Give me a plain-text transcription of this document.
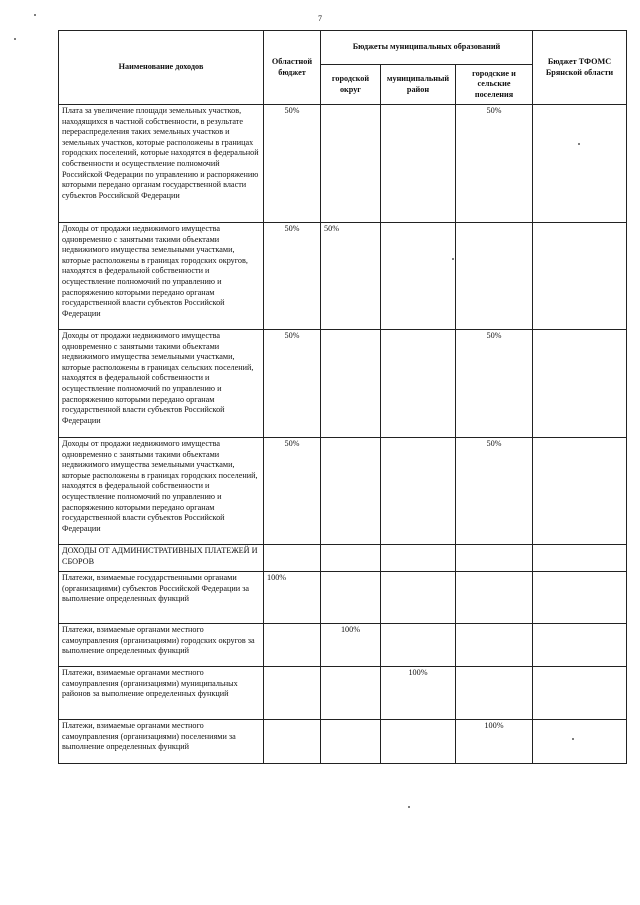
7
Наименование доходов	Областной бюджет	Бюджеты муниципальных образований			Бюджет ТФОМС Брянской области
		городской округ	муниципальный район	городские и сельские поселения	
Плата за увеличение площади земельных участков, находящихся в частной собственности, в результате перераспределения таких земельных участков и земельных участков, которые расположены в границах городских поселений, которые находятся в федеральной собственности и осуществление полномочий Российской Федерации по управлению и распоряжению которыми передано органам государственной власти субъектов Российской Федерации	50%			50%	
Доходы от продажи недвижимого имущества одновременно с занятыми такими объектами недвижимого имущества земельными участками, которые расположены в границах городских округов, находятся в федеральной собственности и осуществление полномочий по управлению и распоряжению которыми передано органам государственной власти субъектов Российской Федерации	50%	50%			
Доходы от продажи недвижимого имущества одновременно с занятыми такими объектами недвижимого имущества земельными участками, которые расположены в границах сельских поселений, находятся в федеральной собственности и осуществление полномочий по управлению и распоряжению которыми передано органам государственной власти субъектов Российской Федерации	50%			50%	
Доходы от продажи недвижимого имущества одновременно с занятыми такими объектами недвижимого имущества земельными участками, которые расположены в границах городских поселений, находятся в федеральной собственности и осуществление полномочий по управлению и распоряжению которыми передано органам государственной власти субъектов Российской Федерации	50%			50%	
ДОХОДЫ ОТ АДМИНИСТРАТИВНЫХ ПЛАТЕЖЕЙ И СБОРОВ					
Платежи, взимаемые государственными органами (организациями) субъектов Российской Федерации за выполнение определенных функций	100%				
Платежи, взимаемые органами местного самоуправления (организациями) городских округов за выполнение определенных функций		100%			
Платежи, взимаемые органами местного самоуправления (организациями) муниципальных районов за выполнение определенных функций			100%		
Платежи, взимаемые органами местного самоуправления (организациями) поселениями за выполнение определенных функций				100%	
